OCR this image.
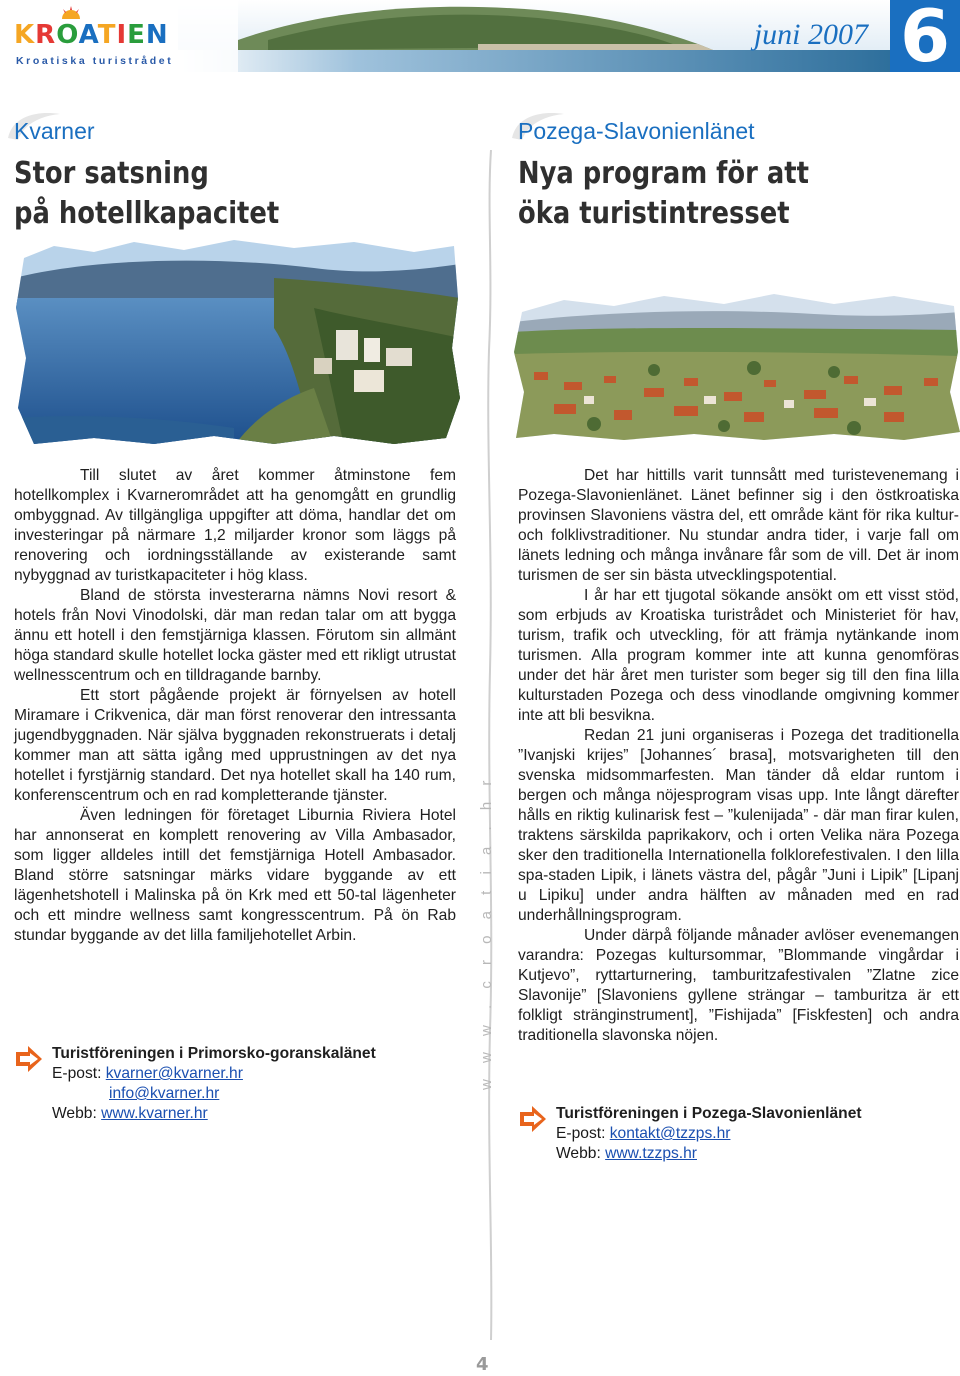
KROATIEN
Kroatiska turistrådet
juni 2007 6
Kvarner
Stor satsning
på hotellkapacitet
Pozega-Slavonienlänet
Nya program för att
öka turistintresset

Till slutet av året kommer åtminstone fem hotellkomplex i Kvarnerområdet att ha genomgått en grundlig ombyggnad. Av tillgängliga uppgifter att döma, handlar det om investeringar på närmare 1,2 miljarder kronor som läggs på renovering och iordningsställande av existerande samt nybyggnad av turistkapaciteter i hög klass.

Bland de största investerarna nämns Novi resort & hotels från Novi Vinodolski, där man redan talar om att bygga ännu ett hotell i den femstjärniga klassen. Förutom sin allmänt höga standard skulle hotellet locka gäster med ett rikligt utrustat wellnesscentrum och en tilldragande barnby.

Ett stort pågående projekt är förnyelsen av hotell Miramare i Crikvenica, där man först renoverar den intressanta jugendbyggnaden. När själva byggnaden rekonstruerats i detalj kommer man att sätta igång med upprustningen av det nya hotellet i fyrstjärnig standard. Det nya hotellet skall ha 140 rum, konferenscentrum och en rad kompletterande tjänster.

Även ledningen för företaget Liburnia Riviera Hotel har annonserat en komplett renovering av Villa Ambasador, som ligger alldeles intill det femstjärniga Hotell Ambasador. Bland större satsningar märks vidare byggande av ett lägenhetshotell i Malinska på ön Krk med ett 50-tal lägenheter och ett mindre wellness samt kongresscentrum. På ön Rab stundar byggande av det lilla familjehotellet Arbin.

Turistföreningen i Primorsko-goranskalänet
E-post: kvarner@kvarner.hr
info@kvarner.hr
Webb: www.kvarner.hr
w w w . c r o a t i a . h r

Det har hittills varit tunnsått med turistevenemang i Pozega-Slavonienlänet. Länet befinner sig i den östkroatiska provinsen Slavoniens västra del, ett område känt för rika kultur- och folklivstraditioner. Nu stundar andra tider, i varje fall om länets ledning och många invånare får som de vill. Det är inom turismen de ser sin bästa utvecklingspotential.

I år har ett tjugotal sökande ansökt om ett visst stöd, som erbjuds av Kroatiska turistrådet och Ministeriet för hav, turism, trafik och utveckling, för att främja nytänkande inom turismen. Alla program kommer inte att kunna genomföras under det här året men turister som beger sig till den fina lilla kulturstaden Pozega och dess vinodlande omgivning kommer inte att bli besvikna.

Redan 21 juni organiseras i Pozega det traditionella ”Ivanjski krijes” [Johannes´ brasa], motsvarigheten till den svenska midsommarfesten. Man tänder då eldar runtom i bergen och många nöjesprogram visas upp. Inte långt därefter hålls en riktig kulinarisk fest – ”kulenijada” - där man firar kulen, traktens särskilda paprikakorv, och i orten Velika nära Pozega sker den traditionella Internationella folklorefestivalen. I den lilla spa-staden Lipik, i länets västra del, pågår ”Juni i Lipik” [Lipanj u Lipiku] under andra hälften av månaden med en rad underhållningsprogram.

Under därpå följande månader avlöser evenemangen varandra: Pozegas kultursommar, ”Blommande vingårdar i Kutjevo”, ryttarturnering, tamburitzafestivalen ”Zlatne zice Slavonije” [Slavoniens gyllene strängar – tamburitza är ett folkligt stränginstrument], ”Fishijada” [Fiskfesten] och andra traditionella slavonska nöjen.

Turistföreningen i Pozega-Slavonienlänet
E-post: kontakt@tzzps.hr
Webb: www.tzzps.hr
4
